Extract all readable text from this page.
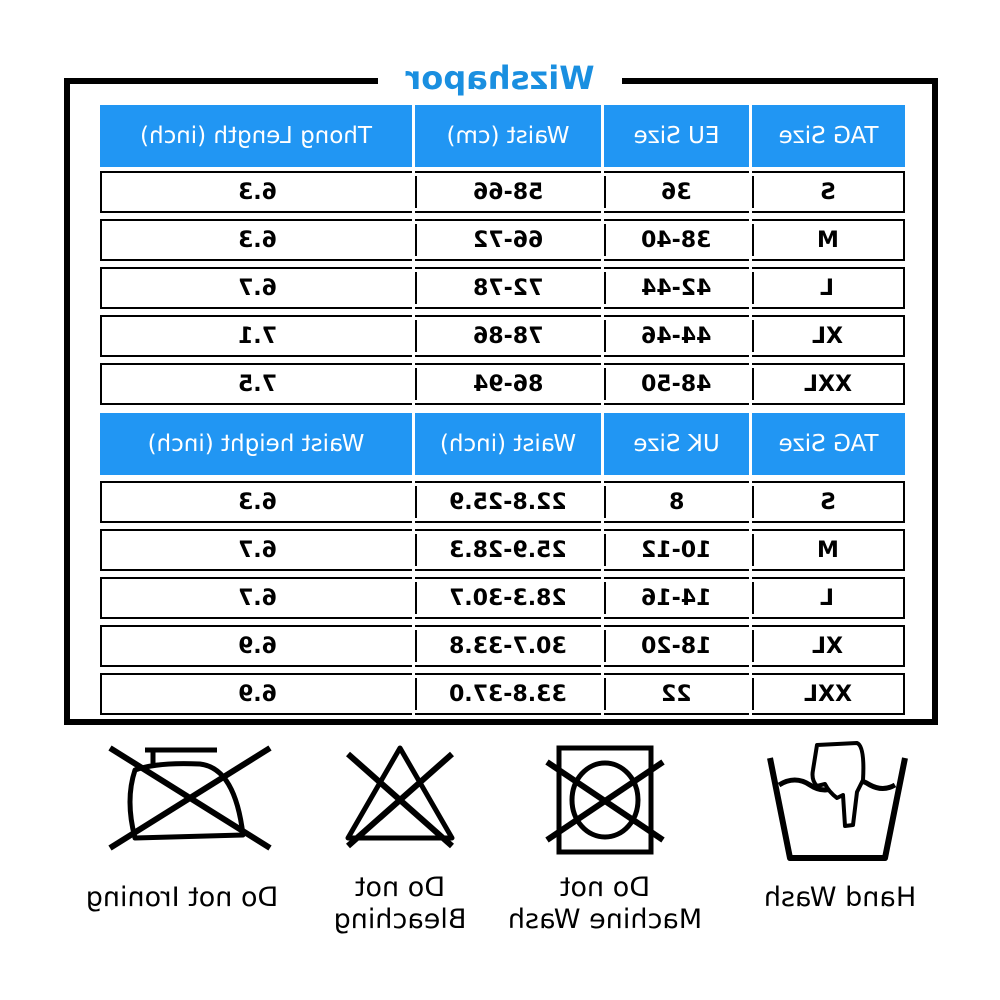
Wizshapor
Thong Length (inch)	Waist (cm)	EU Size	TAG Size
6.3	58-66	36	S
6.3	66-72	38-40	M
6.7	72-78	42-44	L
7.1	78-86	44-46	XL
7.5	86-94	48-50	XXL
Waist height (inch)	Waist (inch)	UK Size	TAG Size
6.3	22.8-25.9	8	S
6.7	25.9-28.3	10-12	M
6.7	28.3-30.7	14-16	L
6.9	30.7-33.8	18-20	XL
6.9	33.8-37.0	22	XXL
Do not Ironing	Do not
Bleaching
Do not
Machine Wash
Hand Wash
